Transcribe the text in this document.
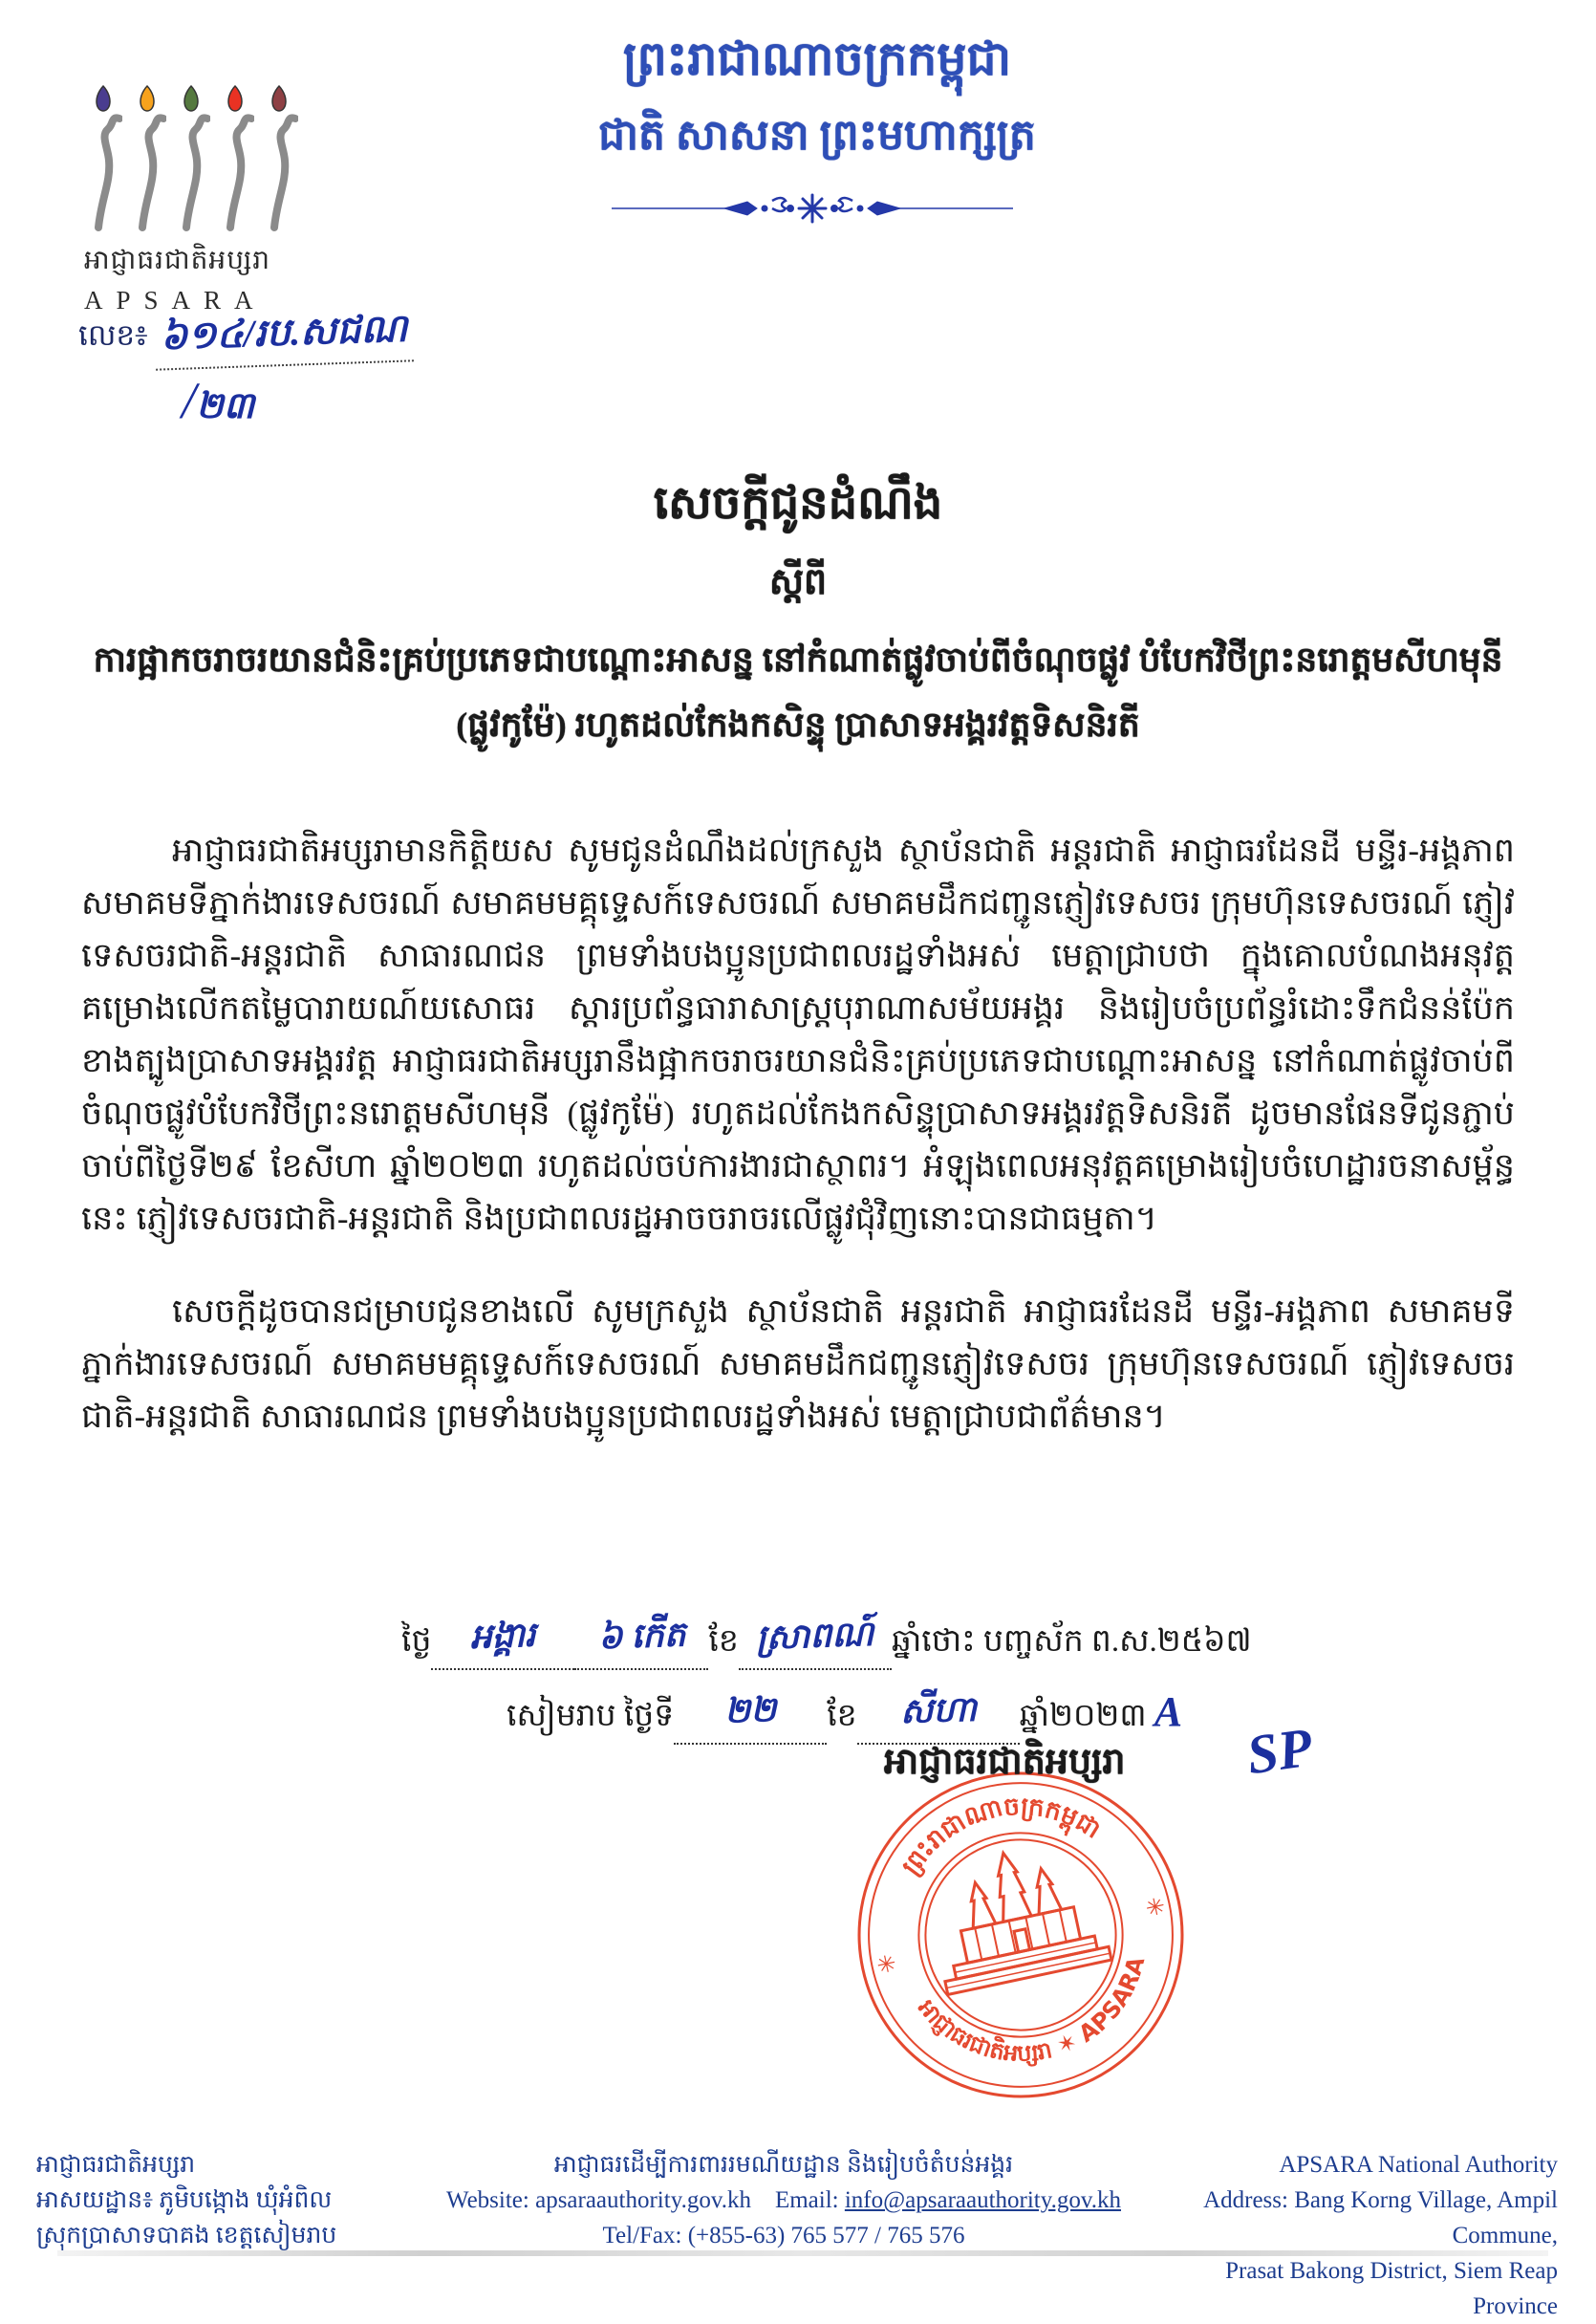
អាជ្ញាធរជាតិអប្សរា
APSARA
ព្រះរាជាណាចក្រកម្ពុជា
ជាតិ សាសនា ព្រះមហាក្សត្រ
លេខ៖ ៦១៤/រប.សជណ
/២៣
សេចក្តីជូនដំណឹង
ស្តីពី
ការផ្អាកចរាចរយានជំនិះគ្រប់ប្រភេទជាបណ្ដោះអាសន្ន នៅកំណាត់ផ្លូវចាប់ពីចំណុចផ្លូវ បំបែកវិថីព្រះនរោត្តមសីហមុនី (ផ្លូវកូម៉ែ) រហូតដល់កែងកសិន្ទុ ប្រាសាទអង្គរវត្តទិសនិរតី

អាជ្ញាធរជាតិអប្សរាមានកិត្តិយស សូមជូនដំណឹងដល់ក្រសួង ស្ថាប័នជាតិ អន្តរជាតិ អាជ្ញាធរដែនដី មន្ទីរ-អង្គភាព សមាគមទីភ្នាក់ងារទេសចរណ៍ សមាគមមគ្គុទ្ទេសក៍ទេសចរណ៍ សមាគមដឹកជញ្ជូនភ្ញៀវទេសចរ ក្រុមហ៊ុនទេសចរណ៍ ភ្ញៀវទេសចរជាតិ-អន្តរជាតិ សាធារណជន ព្រមទាំងបងប្អូនប្រជាពលរដ្ឋទាំងអស់ មេត្តាជ្រាបថា ក្នុងគោលបំណងអនុវត្តគម្រោងលើកតម្លៃបារាយណ៍យសោធរ ស្តារប្រព័ន្ធធារាសាស្ត្របុរាណាសម័យអង្គរ និងរៀបចំប្រព័ន្ធរំដោះទឹកជំនន់ប៉ែកខាងត្បូងប្រាសាទអង្គរវត្ត អាជ្ញាធរជាតិអប្សរានឹងផ្អាកចរាចរយានជំនិះគ្រប់ប្រភេទជាបណ្ដោះអាសន្ន នៅកំណាត់ផ្លូវចាប់ពីចំណុចផ្លូវបំបែកវិថីព្រះនរោត្តមសីហមុនី (ផ្លូវកូម៉ែ) រហូតដល់កែងកសិន្ទុប្រាសាទអង្គរវត្តទិសនិរតី ដូចមានផែនទីជូនភ្ជាប់ ចាប់ពីថ្ងៃទី២៩ ខែសីហា ឆ្នាំ២០២៣ រហូតដល់ចប់ការងារជាស្ថាពរ។ អំឡុងពេលអនុវត្តគម្រោងរៀបចំហេដ្ឋារចនាសម្ព័ន្ធនេះ ភ្ញៀវទេសចរជាតិ-អន្តរជាតិ និងប្រជាពលរដ្ឋអាចចរាចរលើផ្លូវជុំវិញនោះបានជាធម្មតា។

សេចក្តីដូចបានជម្រាបជូនខាងលើ សូមក្រសួង ស្ថាប័នជាតិ អន្តរជាតិ អាជ្ញាធរដែនដី មន្ទីរ-អង្គភាព សមាគមទីភ្នាក់ងារទេសចរណ៍ សមាគមមគ្គុទ្ទេសក៍ទេសចរណ៍ សមាគមដឹកជញ្ជូនភ្ញៀវទេសចរ ក្រុមហ៊ុនទេសចរណ៍ ភ្ញៀវទេសចរជាតិ-អន្តរជាតិ សាធារណជន ព្រមទាំងបងប្អូនប្រជាពលរដ្ឋទាំងអស់ មេត្តាជ្រាបជាព័ត៌មាន។

ថ្ងៃ អង្គារ ៦ កើត ខែ ស្រាពណ៍ ឆ្នាំថោះ បញ្ចស័ក ព.ស.២៥៦៧
សៀមរាប ថ្ងៃទី ២២ ខែ សីហា ឆ្នាំ២០២៣ A
អាជ្ញាធរជាតិអប្សរា SP
ព្រះរាជាណាចក្រកម្ពុជា
អាជ្ញាធរជាតិអប្សរា ✶ APSARA
✳
✳
អាជ្ញាធរជាតិអប្សរា
អាសយដ្ឋាន៖ ភូមិបង្កោង ឃុំអំពិល
ស្រុកប្រាសាទបាគង ខេត្តសៀមរាប
អាជ្ញាធរដើម្បីការពាររមណីយដ្ឋាន និងរៀបចំតំបន់អង្គរ
Website: apsaraauthority.gov.kh Email: info@apsaraauthority.gov.kh
Tel/Fax: (+855-63) 765 577 / 765 576
APSARA National Authority
Address: Bang Korng Village, Ampil Commune,
Prasat Bakong District, Siem Reap Province
